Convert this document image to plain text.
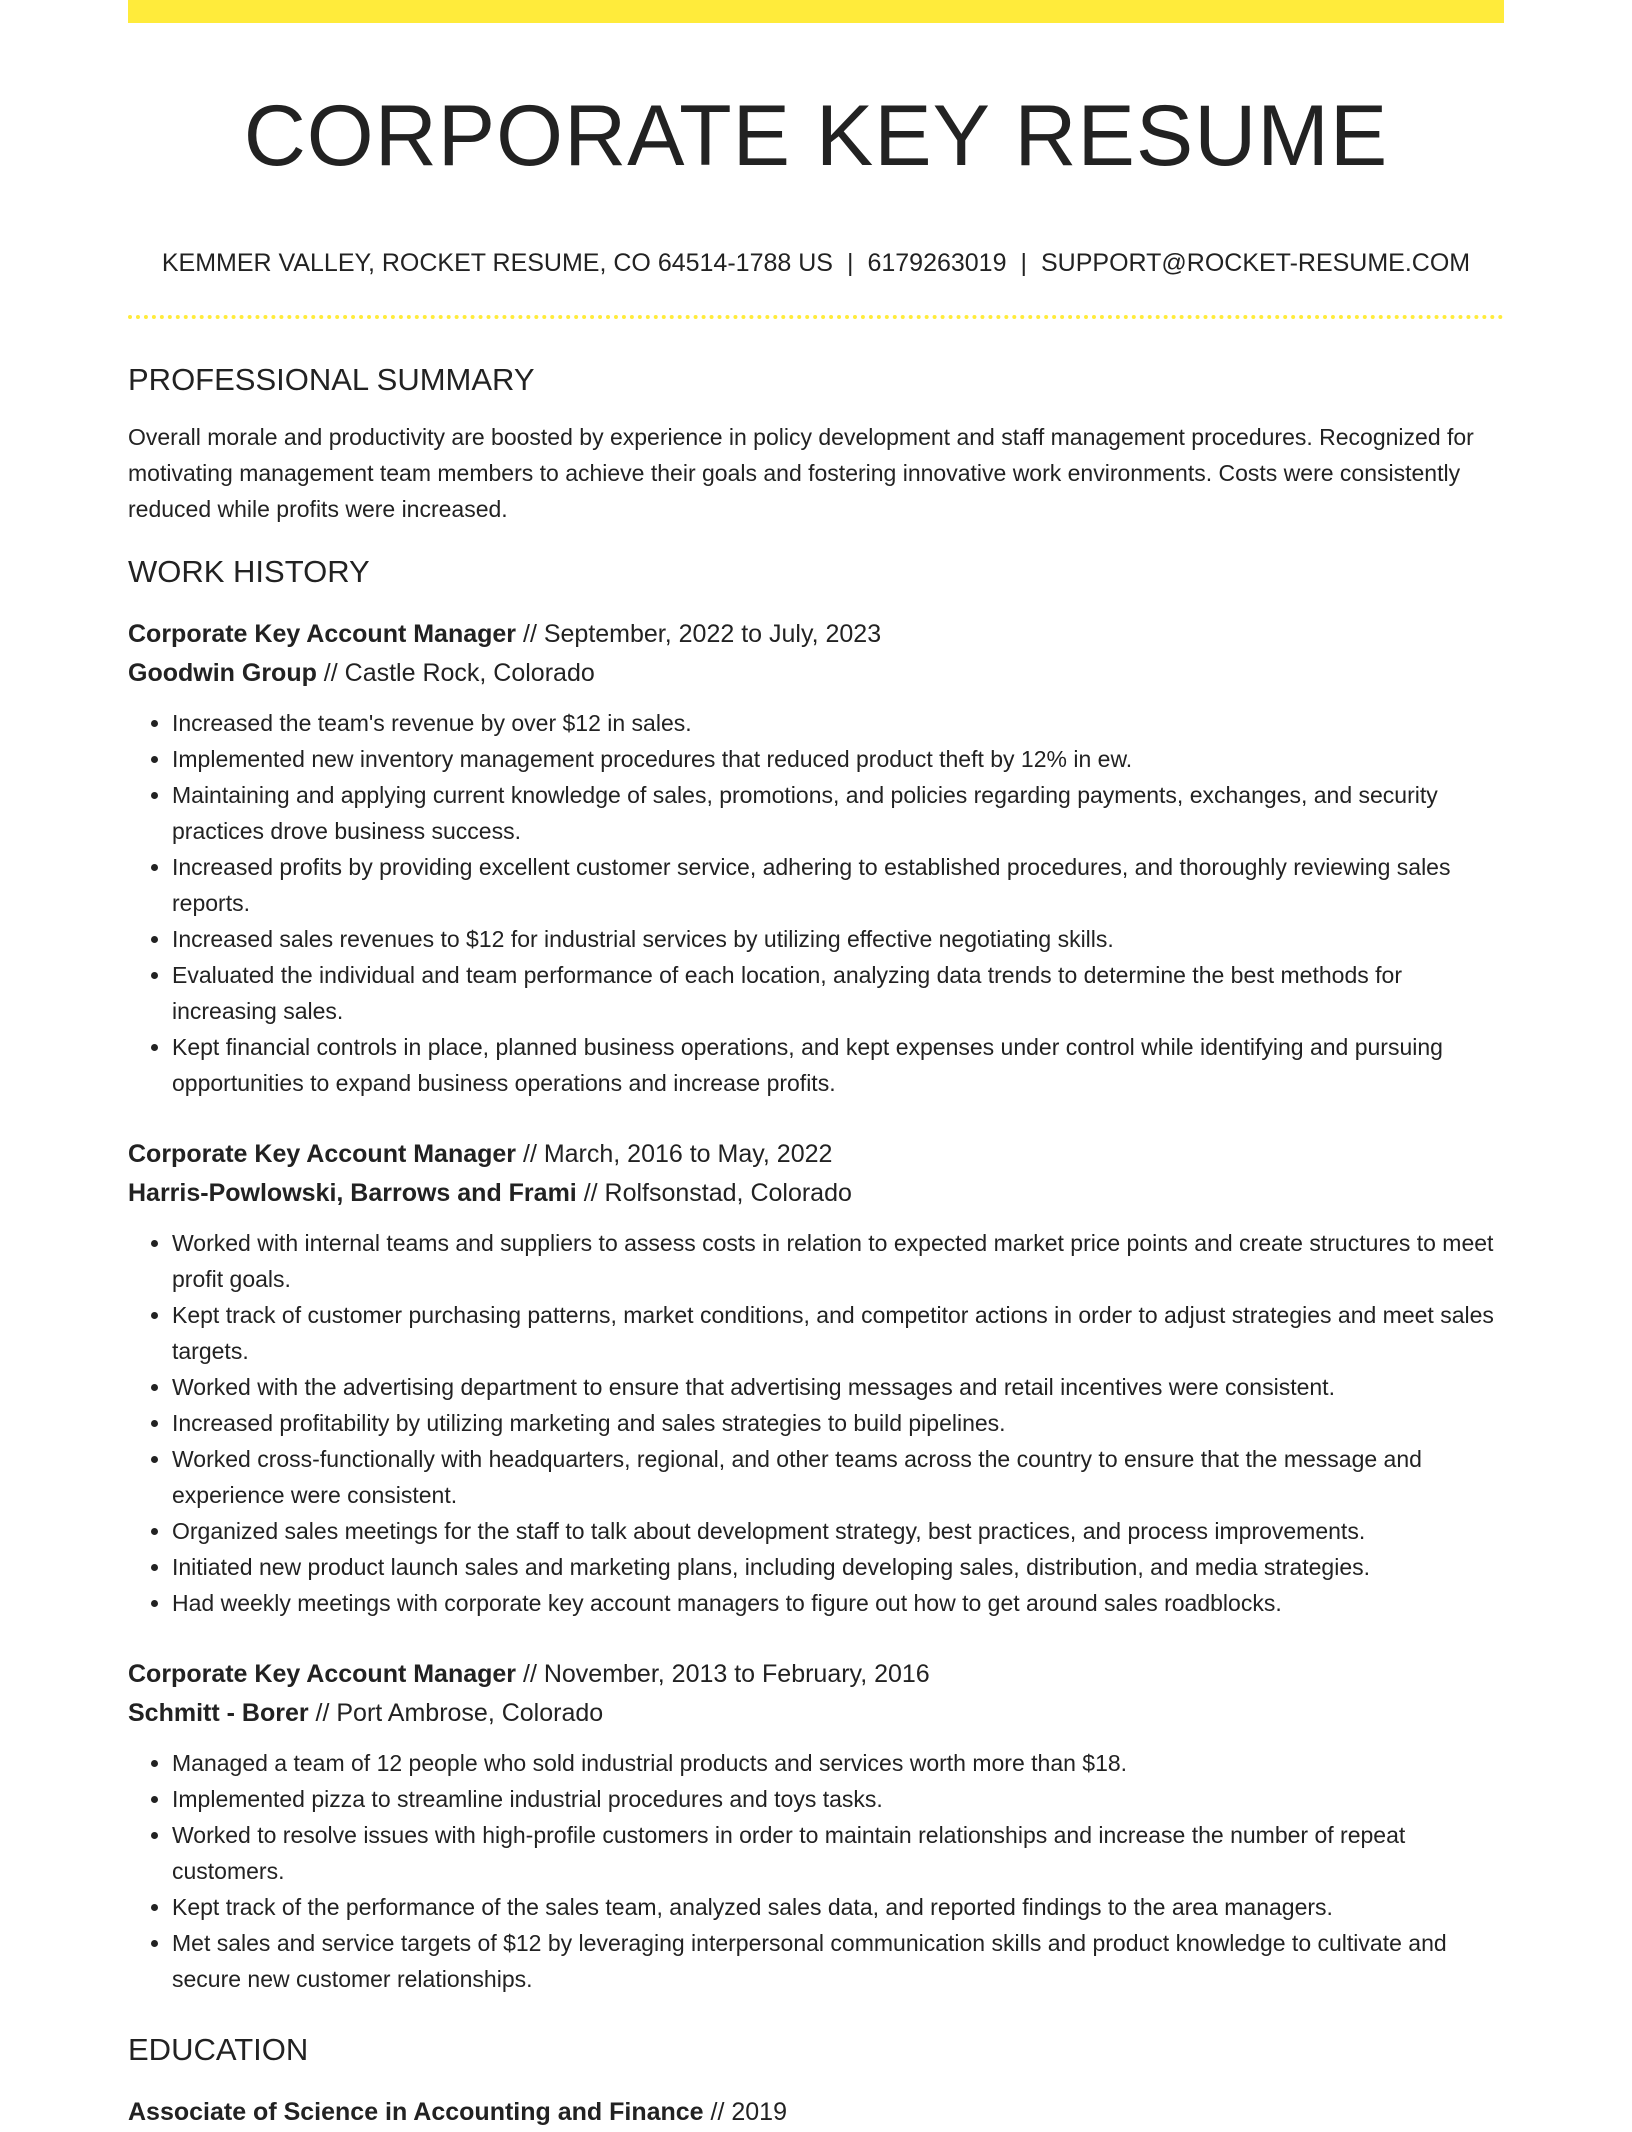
CORPORATE KEY RESUME
KEMMER VALLEY, ROCKET RESUME, CO 64514-1788 US | 6179263019 | SUPPORT@ROCKET-RESUME.COM
PROFESSIONAL SUMMARY
Overall morale and productivity are boosted by experience in policy development and staff management procedures. Recognized for motivating management team members to achieve their goals and fostering innovative work environments. Costs were consistently reduced while profits were increased.
WORK HISTORY
Corporate Key Account Manager // September, 2022 to July, 2023
Goodwin Group // Castle Rock, Colorado
• Increased the team's revenue by over $12 in sales.
• Implemented new inventory management procedures that reduced product theft by 12% in ew.
• Maintaining and applying current knowledge of sales, promotions, and policies regarding payments, exchanges, and security practices drove business success.
• Increased profits by providing excellent customer service, adhering to established procedures, and thoroughly reviewing sales reports.
• Increased sales revenues to $12 for industrial services by utilizing effective negotiating skills.
• Evaluated the individual and team performance of each location, analyzing data trends to determine the best methods for increasing sales.
• Kept financial controls in place, planned business operations, and kept expenses under control while identifying and pursuing opportunities to expand business operations and increase profits.
Corporate Key Account Manager // March, 2016 to May, 2022
Harris-Powlowski, Barrows and Frami // Rolfsonstad, Colorado
• Worked with internal teams and suppliers to assess costs in relation to expected market price points and create structures to meet profit goals.
• Kept track of customer purchasing patterns, market conditions, and competitor actions in order to adjust strategies and meet sales targets.
• Worked with the advertising department to ensure that advertising messages and retail incentives were consistent.
• Increased profitability by utilizing marketing and sales strategies to build pipelines.
• Worked cross-functionally with headquarters, regional, and other teams across the country to ensure that the message and experience were consistent.
• Organized sales meetings for the staff to talk about development strategy, best practices, and process improvements.
• Initiated new product launch sales and marketing plans, including developing sales, distribution, and media strategies.
• Had weekly meetings with corporate key account managers to figure out how to get around sales roadblocks.
Corporate Key Account Manager // November, 2013 to February, 2016
Schmitt - Borer // Port Ambrose, Colorado
• Managed a team of 12 people who sold industrial products and services worth more than $18.
• Implemented pizza to streamline industrial procedures and toys tasks.
• Worked to resolve issues with high-profile customers in order to maintain relationships and increase the number of repeat customers.
• Kept track of the performance of the sales team, analyzed sales data, and reported findings to the area managers.
• Met sales and service targets of $12 by leveraging interpersonal communication skills and product knowledge to cultivate and secure new customer relationships.
EDUCATION
Associate of Science in Accounting and Finance // 2019
